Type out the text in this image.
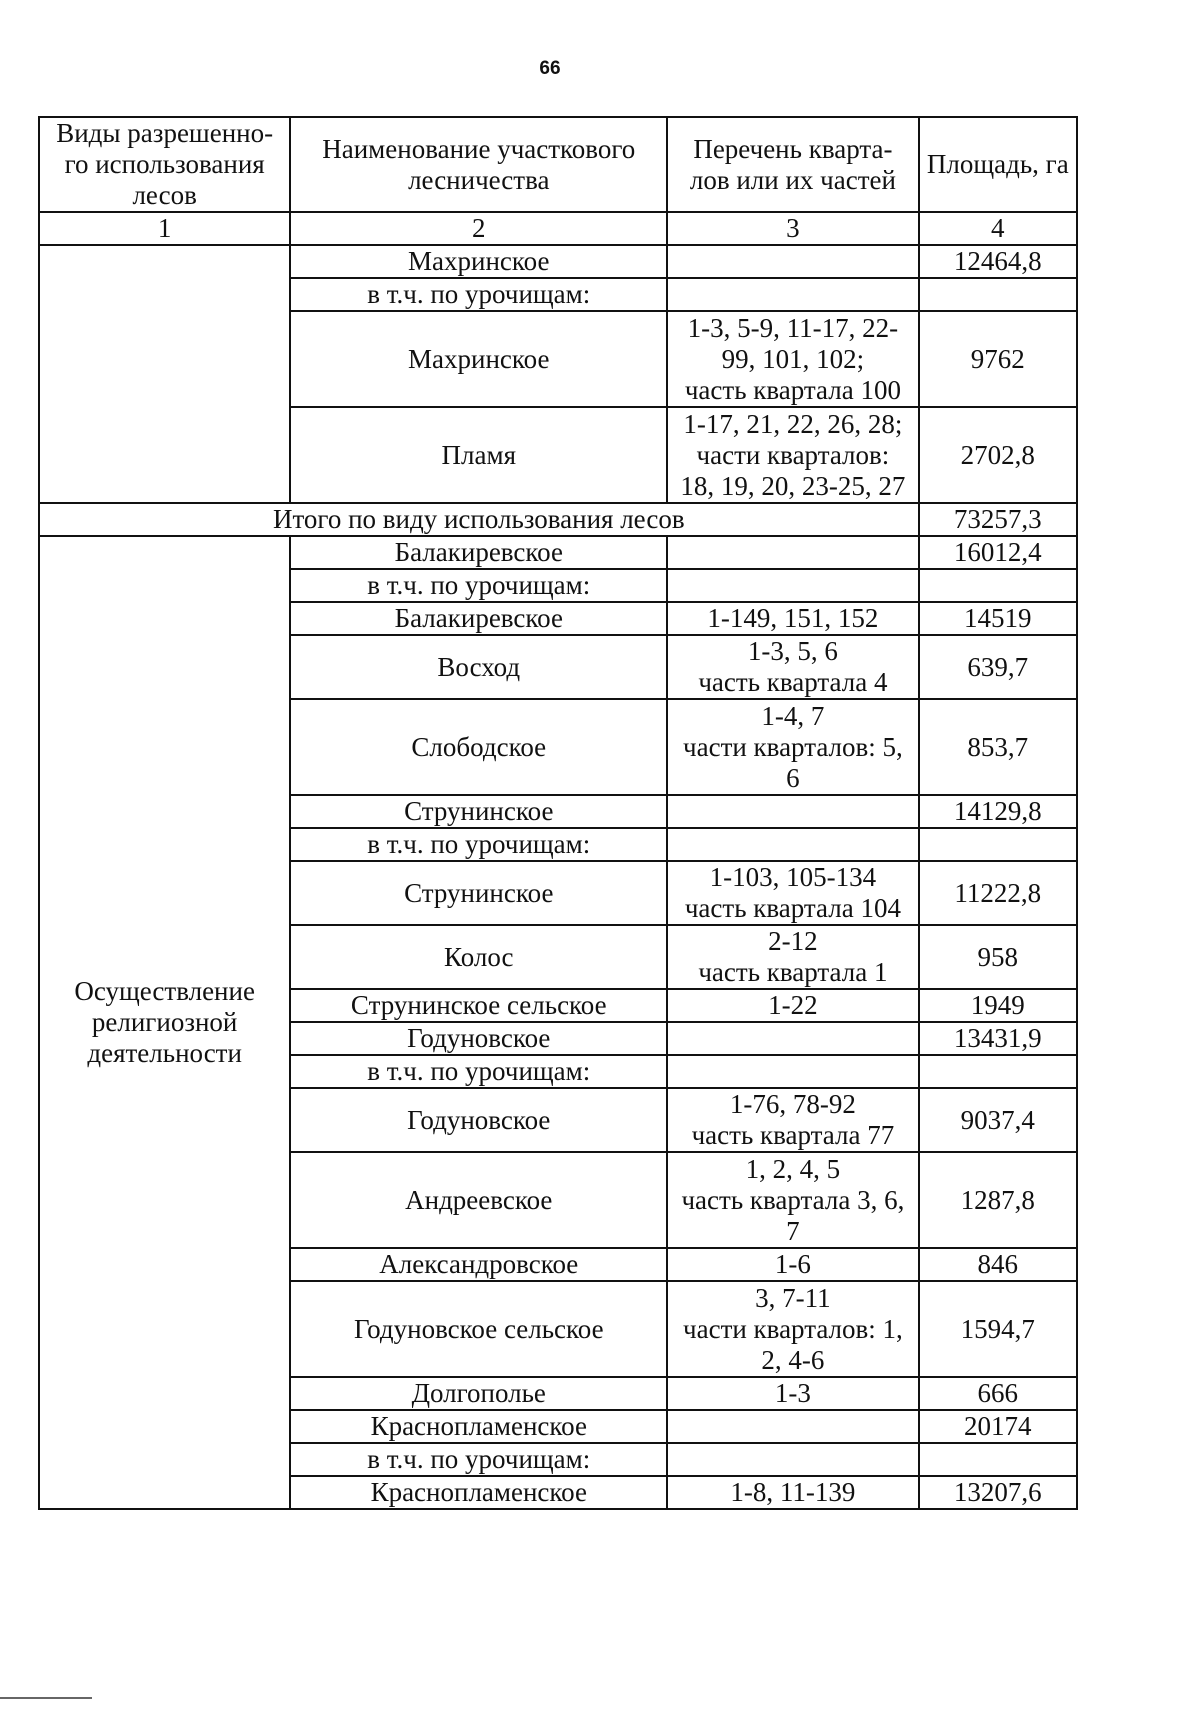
66
Виды разрешенно-го использования лесов	Наименование участкового лесничества	Перечень кварта-лов или их частей	Площадь, га
1	2	3	4
	Махринское		12464,8
	в т.ч. по урочищам:		
	Махринское	1-3, 5-9, 11-17, 22-
99, 101, 102;
часть квартала 100	9762
	Пламя	1-17, 21, 22, 26, 28;
части кварталов:
18, 19, 20, 23-25, 27	2702,8
Итого по виду использования лесов			73257,3
Осуществление религиозной деятельности	Балакиревское		16012,4
	в т.ч. по урочищам:		
	Балакиревское	1-149, 151, 152	14519
	Восход	1-3, 5, 6
часть квартала 4	639,7
	Слободское	1-4, 7
части кварталов: 5,
6	853,7
	Струнинское		14129,8
	в т.ч. по урочищам:		
	Струнинское	1-103, 105-134
часть квартала 104	11222,8
	Колос	2-12
часть квартала 1	958
	Струнинское сельское	1-22	1949
	Годуновское		13431,9
	в т.ч. по урочищам:		
	Годуновское	1-76, 78-92
часть квартала 77	9037,4
	Андреевское	1, 2, 4, 5
часть квартала 3, 6,
7	1287,8
	Александровское	1-6	846
	Годуновское сельское	3, 7-11
части кварталов: 1,
2, 4-6	1594,7
	Долгополье	1-3	666
	Краснопламенское		20174
	в т.ч. по урочищам:		
	Краснопламенское	1-8, 11-139	13207,6
